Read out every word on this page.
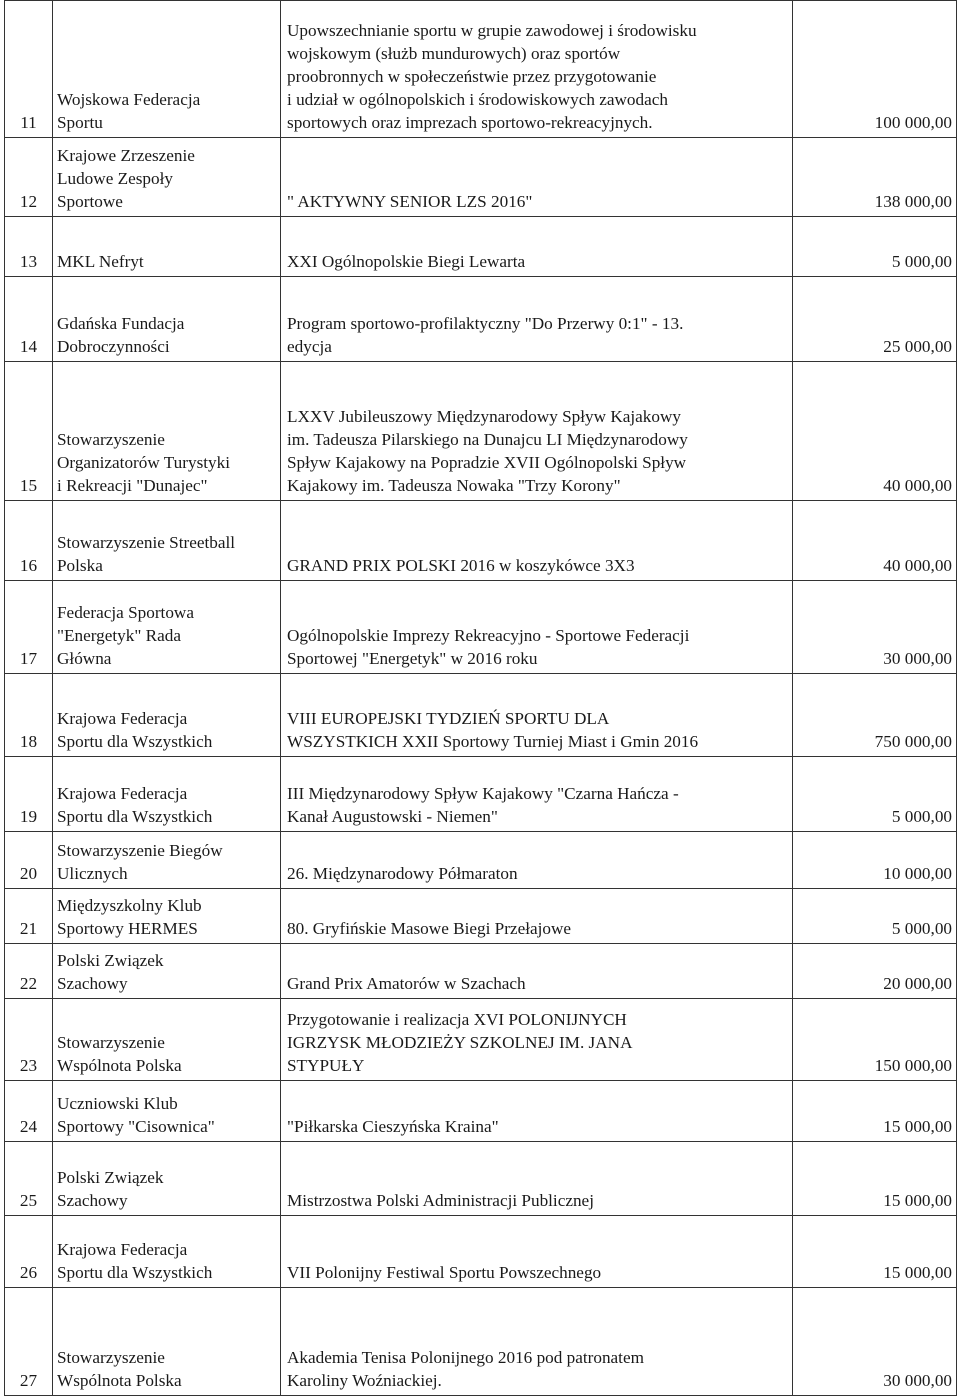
11	Wojskowa Federacja
Sportu	Upowszechnianie sportu w grupie zawodowej i środowisku
wojskowym (służb mundurowych) oraz sportów
proobronnych w społeczeństwie przez przygotowanie
i udział w ogólnopolskich i środowiskowych zawodach
sportowych oraz imprezach sportowo-rekreacyjnych.	100 000,00
12	Krajowe Zrzeszenie
Ludowe Zespoły
Sportowe	" AKTYWNY SENIOR LZS 2016"	138 000,00
13	MKL Nefryt	XXI Ogólnopolskie Biegi Lewarta	5 000,00
14	Gdańska Fundacja
Dobroczynności	Program sportowo-profilaktyczny "Do Przerwy 0:1" - 13.
edycja	25 000,00
15	Stowarzyszenie
Organizatorów Turystyki
i Rekreacji "Dunajec"	LXXV Jubileuszowy Międzynarodowy Spływ Kajakowy
im. Tadeusza Pilarskiego na Dunajcu LI Międzynarodowy
Spływ Kajakowy na Popradzie XVII Ogólnopolski Spływ
Kajakowy im. Tadeusza Nowaka "Trzy Korony"	40 000,00
16	Stowarzyszenie Streetball
Polska	GRAND PRIX POLSKI 2016 w koszykówce 3X3	40 000,00
17	Federacja Sportowa
"Energetyk" Rada
Główna	Ogólnopolskie Imprezy Rekreacyjno - Sportowe Federacji
Sportowej "Energetyk" w 2016 roku	30 000,00
18	Krajowa Federacja
Sportu dla Wszystkich	VIII EUROPEJSKI TYDZIEŃ SPORTU DLA
WSZYSTKICH XXII Sportowy Turniej Miast i Gmin 2016	750 000,00
19	Krajowa Federacja
Sportu dla Wszystkich	III Międzynarodowy Spływ Kajakowy "Czarna Hańcza -
Kanał Augustowski - Niemen"	5 000,00
20	Stowarzyszenie Biegów
Ulicznych	26. Międzynarodowy Półmaraton	10 000,00
21	Międzyszkolny Klub
Sportowy HERMES	80. Gryfińskie Masowe Biegi Przełajowe	5 000,00
22	Polski Związek
Szachowy	Grand Prix Amatorów w Szachach	20 000,00
23	Stowarzyszenie
Wspólnota Polska	Przygotowanie i realizacja XVI POLONIJNYCH
IGRZYSK MŁODZIEŻY SZKOLNEJ IM. JANA
STYPUŁY	150 000,00
24	Uczniowski Klub
Sportowy "Cisownica"	"Piłkarska Cieszyńska Kraina"	15 000,00
25	Polski Związek
Szachowy	Mistrzostwa Polski Administracji Publicznej	15 000,00
26	Krajowa Federacja
Sportu dla Wszystkich	VII Polonijny Festiwal Sportu Powszechnego	15 000,00
27	Stowarzyszenie
Wspólnota Polska	Akademia Tenisa Polonijnego 2016 pod patronatem
Karoliny Woźniackiej.	30 000,00
